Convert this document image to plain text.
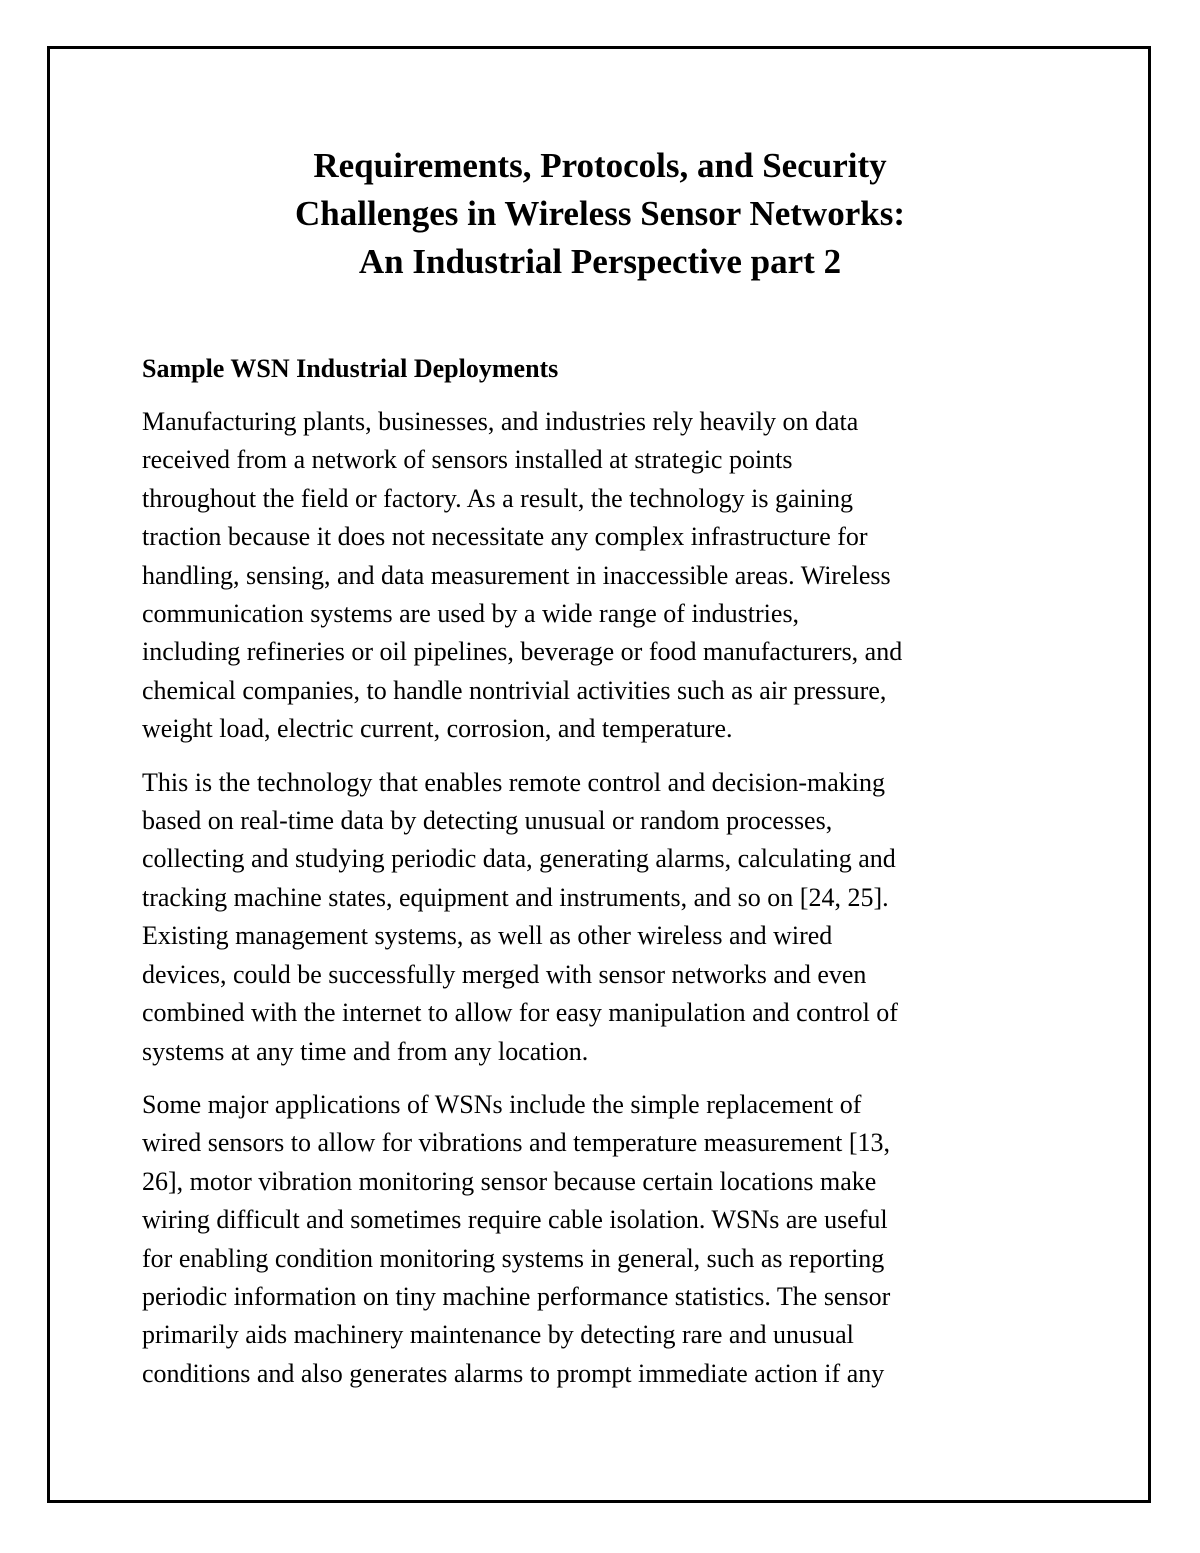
Requirements, Protocols, and Security
Challenges in Wireless Sensor Networks:
An Industrial Perspective part 2
Sample WSN Industrial Deployments

Manufacturing plants, businesses, and industries rely heavily on data
received from a network of sensors installed at strategic points
throughout the field or factory. As a result, the technology is gaining
traction because it does not necessitate any complex infrastructure for
handling, sensing, and data measurement in inaccessible areas. Wireless
communication systems are used by a wide range of industries,
including refineries or oil pipelines, beverage or food manufacturers, and
chemical companies, to handle nontrivial activities such as air pressure,
weight load, electric current, corrosion, and temperature.

This is the technology that enables remote control and decision-making
based on real-time data by detecting unusual or random processes,
collecting and studying periodic data, generating alarms, calculating and
tracking machine states, equipment and instruments, and so on [24, 25].
Existing management systems, as well as other wireless and wired
devices, could be successfully merged with sensor networks and even
combined with the internet to allow for easy manipulation and control of
systems at any time and from any location.

Some major applications of WSNs include the simple replacement of
wired sensors to allow for vibrations and temperature measurement [13,
26], motor vibration monitoring sensor because certain locations make
wiring difficult and sometimes require cable isolation. WSNs are useful
for enabling condition monitoring systems in general, such as reporting
periodic information on tiny machine performance statistics. The sensor
primarily aids machinery maintenance by detecting rare and unusual
conditions and also generates alarms to prompt immediate action if any
